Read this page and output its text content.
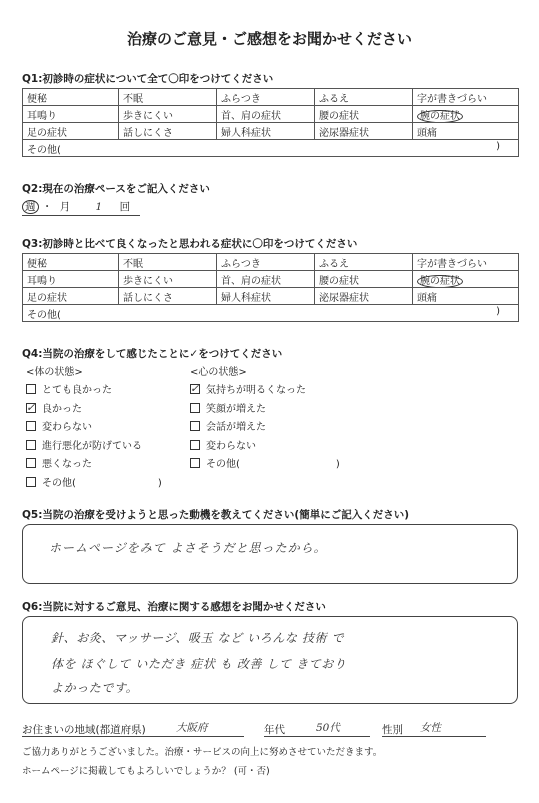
治療のご意見・ご感想をお聞かせください
Q1:初診時の症状について全て〇印をつけてください
便秘	不眠	ふらつき	ふるえ	字が書きづらい
耳鳴り	歩きにくい	首、肩の症状	腰の症状	腕の症状
足の症状	話しにくさ	婦人科症状	泌尿器症状	頭痛
その他( )				
Q2:現在の治療ペースをご記入ください
週 ・ 月 1 回
Q3:初診時と比べて良くなったと思われる症状に〇印をつけてください
便秘	不眠	ふらつき	ふるえ	字が書きづらい
耳鳴り	歩きにくい	首、肩の症状	腰の症状	腕の症状
足の症状	話しにくさ	婦人科症状	泌尿器症状	頭痛
その他( )				
Q4:当院の治療をして感じたことに✓をつけてください
<体の状態>	<心の状態>
とても良かった
✓ 良かった
変わらない
進行悪化が防げている
悪くなった
その他(	)
✓ 気持ちが明るくなった
笑顔が増えた
会話が増えた
変わらない
その他(	)
Q5:当院の治療を受けようと思った動機を教えてください(簡単にご記入ください)
ホームページをみて よさそうだと思ったから。
Q6:当院に対するご意見、治療に関する感想をお聞かせください
針、お灸、マッサージ、吸玉 など いろんな 技術 で
体を ほぐして いただき 症状 も 改善 して きており
よかったです。
お住まいの地域(都道府県)	大阪府	年代	50代	性別 女性
ご協力ありがとうございました。治療・サービスの向上に努めさせていただきます。
ホームページに掲載してもよろしいでしょうか？ (可・否)
